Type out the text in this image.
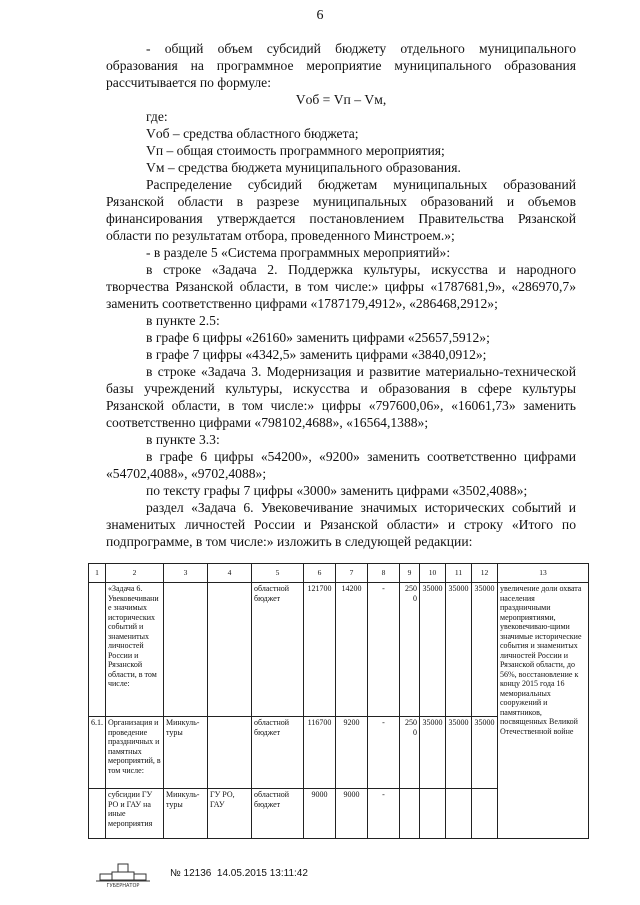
6

- общий объем субсидий бюджету отдельного муниципального образования на программное мероприятие муниципального образования рассчитывается по формуле:

Vоб = Vп – Vм,

где:

Vоб – средства областного бюджета;

Vп – общая стоимость программного мероприятия;

Vм – средства бюджета муниципального образования.

Распределение субсидий бюджетам муниципальных образований Рязанской области в разрезе муниципальных образований и объемов финансирования утверждается постановлением Правительства Рязанской области по результатам отбора, проведенного Минстроем.»;

- в разделе 5 «Система программных мероприятий»:

в строке «Задача 2. Поддержка культуры, искусства и народного творчества Рязанской области, в том числе:» цифры «1787681,9», «286970,7» заменить соответственно цифрами «1787179,4912», «286468,2912»;

в пункте 2.5:

в графе 6 цифры «26160» заменить цифрами «25657,5912»;

в графе 7 цифры «4342,5» заменить цифрами «3840,0912»;

в строке «Задача 3. Модернизация и развитие материально-технической базы учреждений культуры, искусства и образования в сфере культуры Рязанской области, в том числе:» цифры «797600,06», «16061,73» заменить соответственно цифрами «798102,4688», «16564,1388»;

в пункте 3.3:

в графе 6 цифры «54200», «9200» заменить соответственно цифрами «54702,4088», «9702,4088»;

по тексту графы 7 цифры «3000» заменить цифрами «3502,4088»;

раздел «Задача 6. Увековечивание значимых исторических событий и знаменитых личностей России и Рязанской области» и строку «Итого по подпрограмме, в том числе:» изложить в следующей редакции:

1	2	3	4	5	6	7	8	9	10	11	12	13
	«Задача 6. Увековечивание значимых исторических событий и знаменитых личностей России и Рязанской области, в том числе:			областной бюджет	121700	14200	-	2500	35000	35000	35000	увеличение доли охвата населения праздничными мероприятиями, увековечиваю-щими значимые исторические события и знаменитых личностей России и Рязанской области, до 56%, восстановление к концу 2015 года 16 мемориальных сооружений и памятников, посвященных Великой Отечественной войне
6.1.	Организация и проведение праздничных и памятных мероприятий, в том числе:	Минкуль-туры		областной бюджет	116700	9200	-	2500	35000	35000	35000	
	субсидии ГУ РО и ГАУ на иные мероприятия	Минкуль-туры	ГУ РО, ГАУ	областной бюджет	9000	9000	-					
ГУБЕРНАТОР
№ 12136 14.05.2015 13:11:42
